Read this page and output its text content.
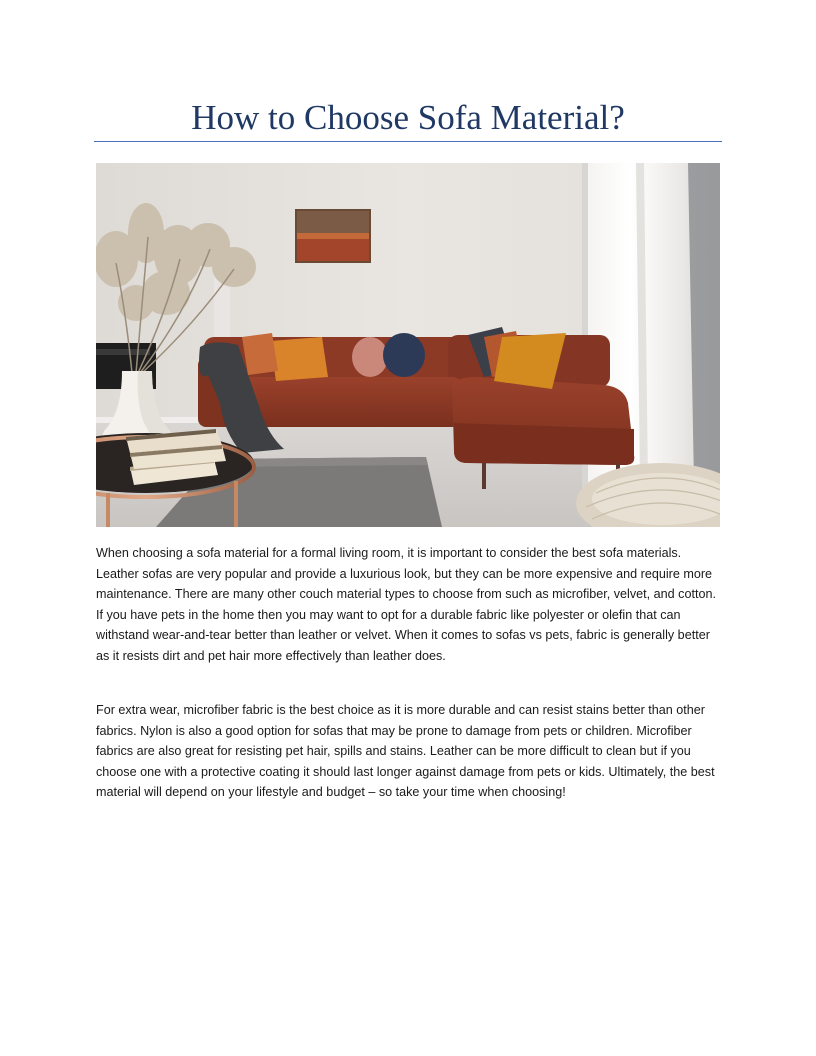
How to Choose Sofa Material?

When choosing a sofa material for a formal living room, it is important to consider the best sofa materials. Leather sofas are very popular and provide a luxurious look, but they can be more expensive and require more maintenance. There are many other couch material types to choose from such as microfiber, velvet, and cotton. If you have pets in the home then you may want to opt for a durable fabric like polyester or olefin that can withstand wear-and-tear better than leather or velvet. When it comes to sofas vs pets, fabric is generally better as it resists dirt and pet hair more effectively than leather does.

For extra wear, microfiber fabric is the best choice as it is more durable and can resist stains better than other fabrics. Nylon is also a good option for sofas that may be prone to damage from pets or children. Microfiber fabrics are also great for resisting pet hair, spills and stains. Leather can be more difficult to clean but if you choose one with a protective coating it should last longer against damage from pets or kids. Ultimately, the best material will depend on your lifestyle and budget – so take your time when choosing!
